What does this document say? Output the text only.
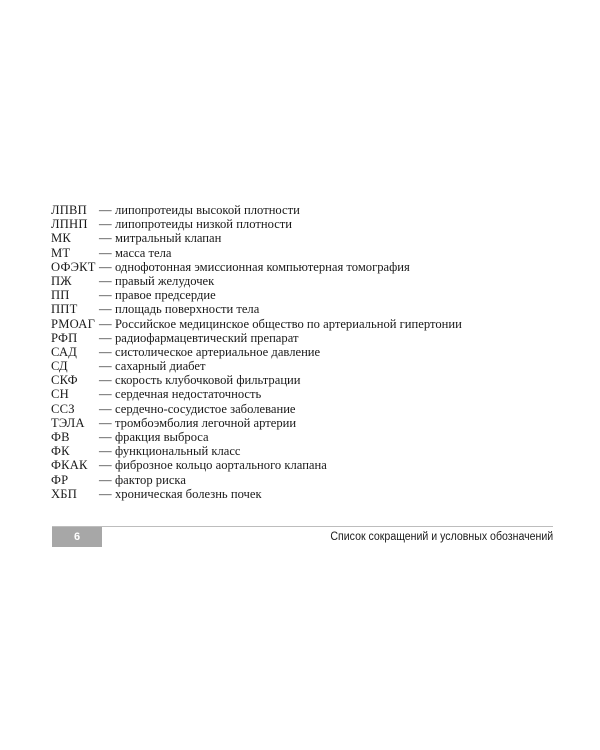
ЛПВП — липопротеиды высокой плотности
ЛПНП — липопротеиды низкой плотности
МК	— митральный клапан
МТ	— масса тела
ОФЭКТ — однофотонная эмиссионная компьютерная томография
ПЖ	— правый желудочек
ПП	— правое предсердие
ППТ	— площадь поверхности тела
РМОАГ — Российское медицинское общество по артериальной гипертонии
РФП	— радиофармацевтический препарат
САД	— систолическое артериальное давление
СД	— сахарный диабет
СКФ	— скорость клубочковой фильтрации
СН	— сердечная недостаточность
ССЗ	— сердечно-сосудистое заболевание
ТЭЛА	— тромбоэмболия легочной артерии
ФВ	— фракция выброса
ФК	— функциональный класс
ФКАК — фиброзное кольцо аортального клапана
ФР	— фактор риска
ХБП	— хроническая болезнь почек
6	Список сокращений и условных обозначений
